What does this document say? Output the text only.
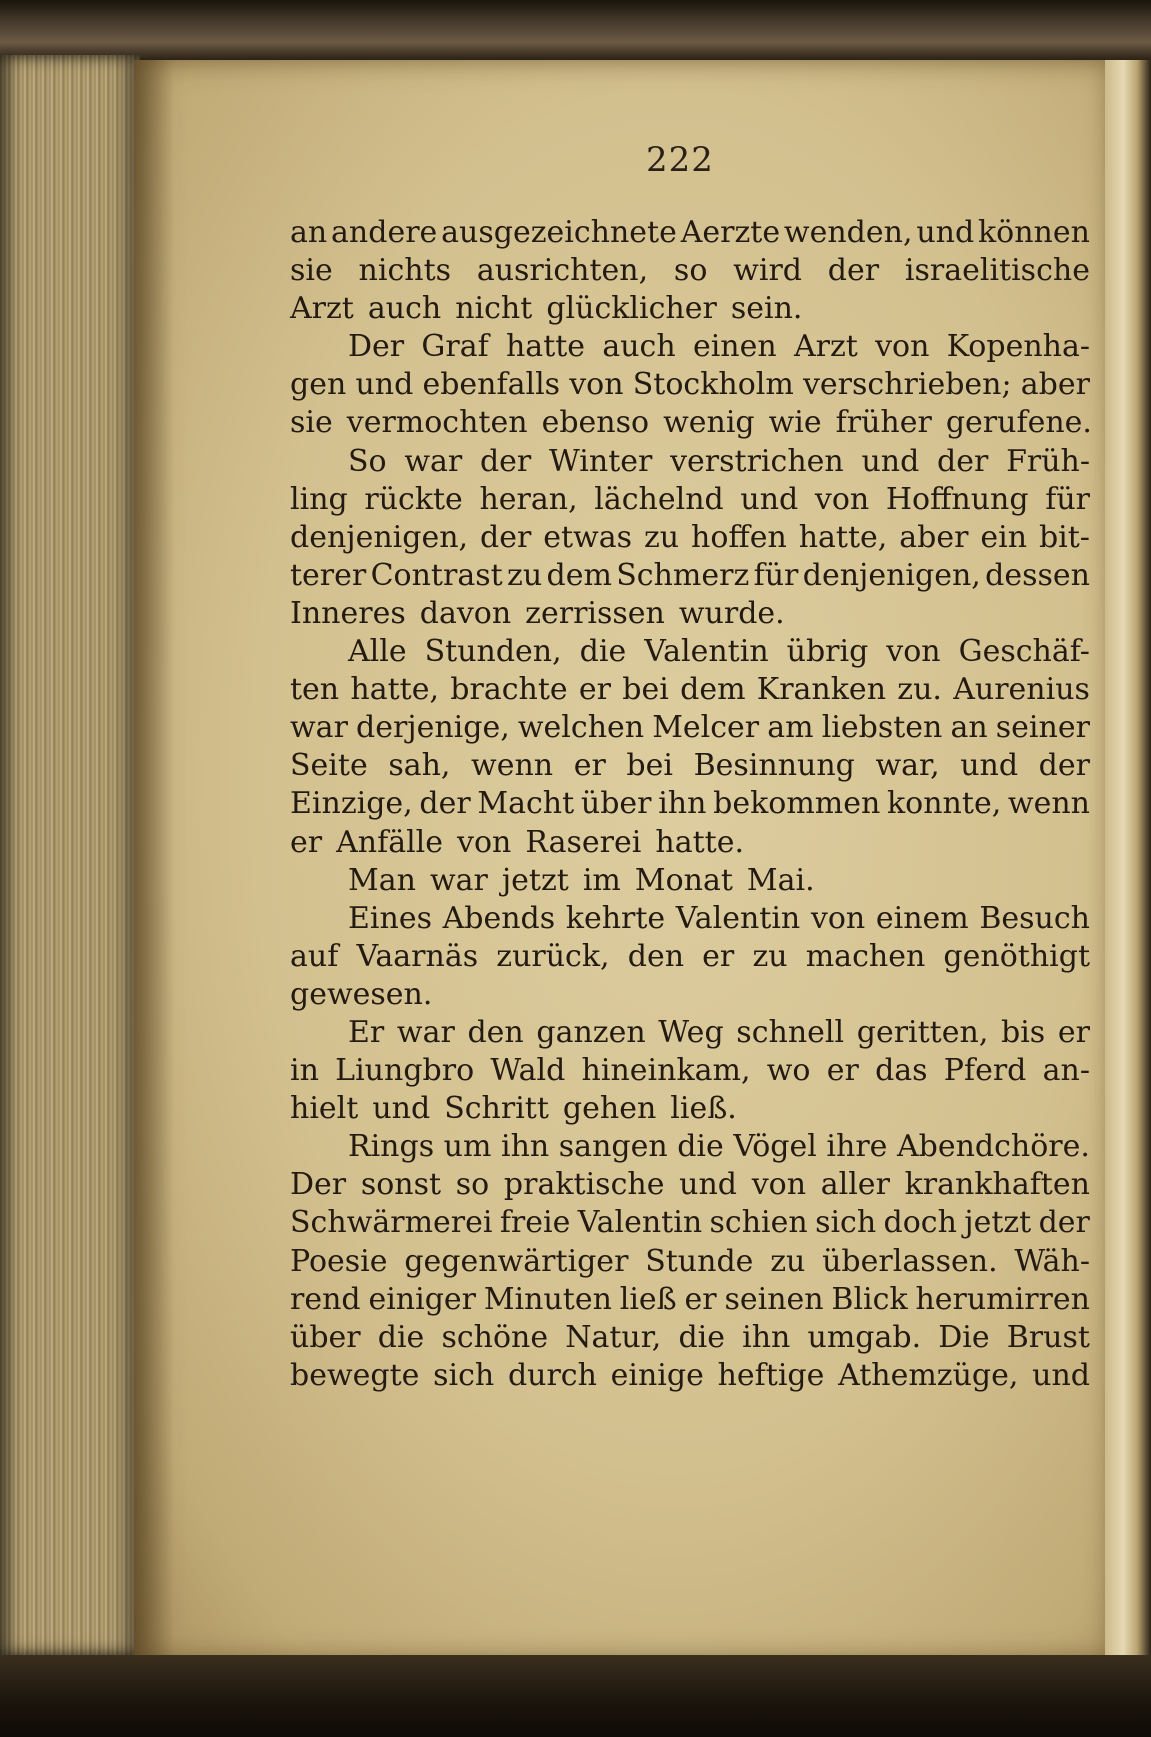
222
an andere ausgezeichnete Aerzte wenden, und können
sie nichts ausrichten, so wird der israelitische
Arzt auch nicht glücklicher sein.
Der Graf hatte auch einen Arzt von Kopenha-
gen und ebenfalls von Stockholm verschrieben; aber
sie vermochten ebenso wenig wie früher gerufene.
So war der Winter verstrichen und der Früh-
ling rückte heran, lächelnd und von Hoffnung für
denjenigen, der etwas zu hoffen hatte, aber ein bit-
terer Contrast zu dem Schmerz für denjenigen, dessen
Inneres davon zerrissen wurde.
Alle Stunden, die Valentin übrig von Geschäf-
ten hatte, brachte er bei dem Kranken zu. Aurenius
war derjenige, welchen Melcer am liebsten an seiner
Seite sah, wenn er bei Besinnung war, und der
Einzige, der Macht über ihn bekommen konnte, wenn
er Anfälle von Raserei hatte.
Man war jetzt im Monat Mai.
Eines Abends kehrte Valentin von einem Besuch
auf Vaarnäs zurück, den er zu machen genöthigt
gewesen.
Er war den ganzen Weg schnell geritten, bis er
in Liungbro Wald hineinkam, wo er das Pferd an-
hielt und Schritt gehen ließ.
Rings um ihn sangen die Vögel ihre Abendchöre.
Der sonst so praktische und von aller krankhaften
Schwärmerei freie Valentin schien sich doch jetzt der
Poesie gegenwärtiger Stunde zu überlassen. Wäh-
rend einiger Minuten ließ er seinen Blick herumirren
über die schöne Natur, die ihn umgab. Die Brust
bewegte sich durch einige heftige Athemzüge, und
